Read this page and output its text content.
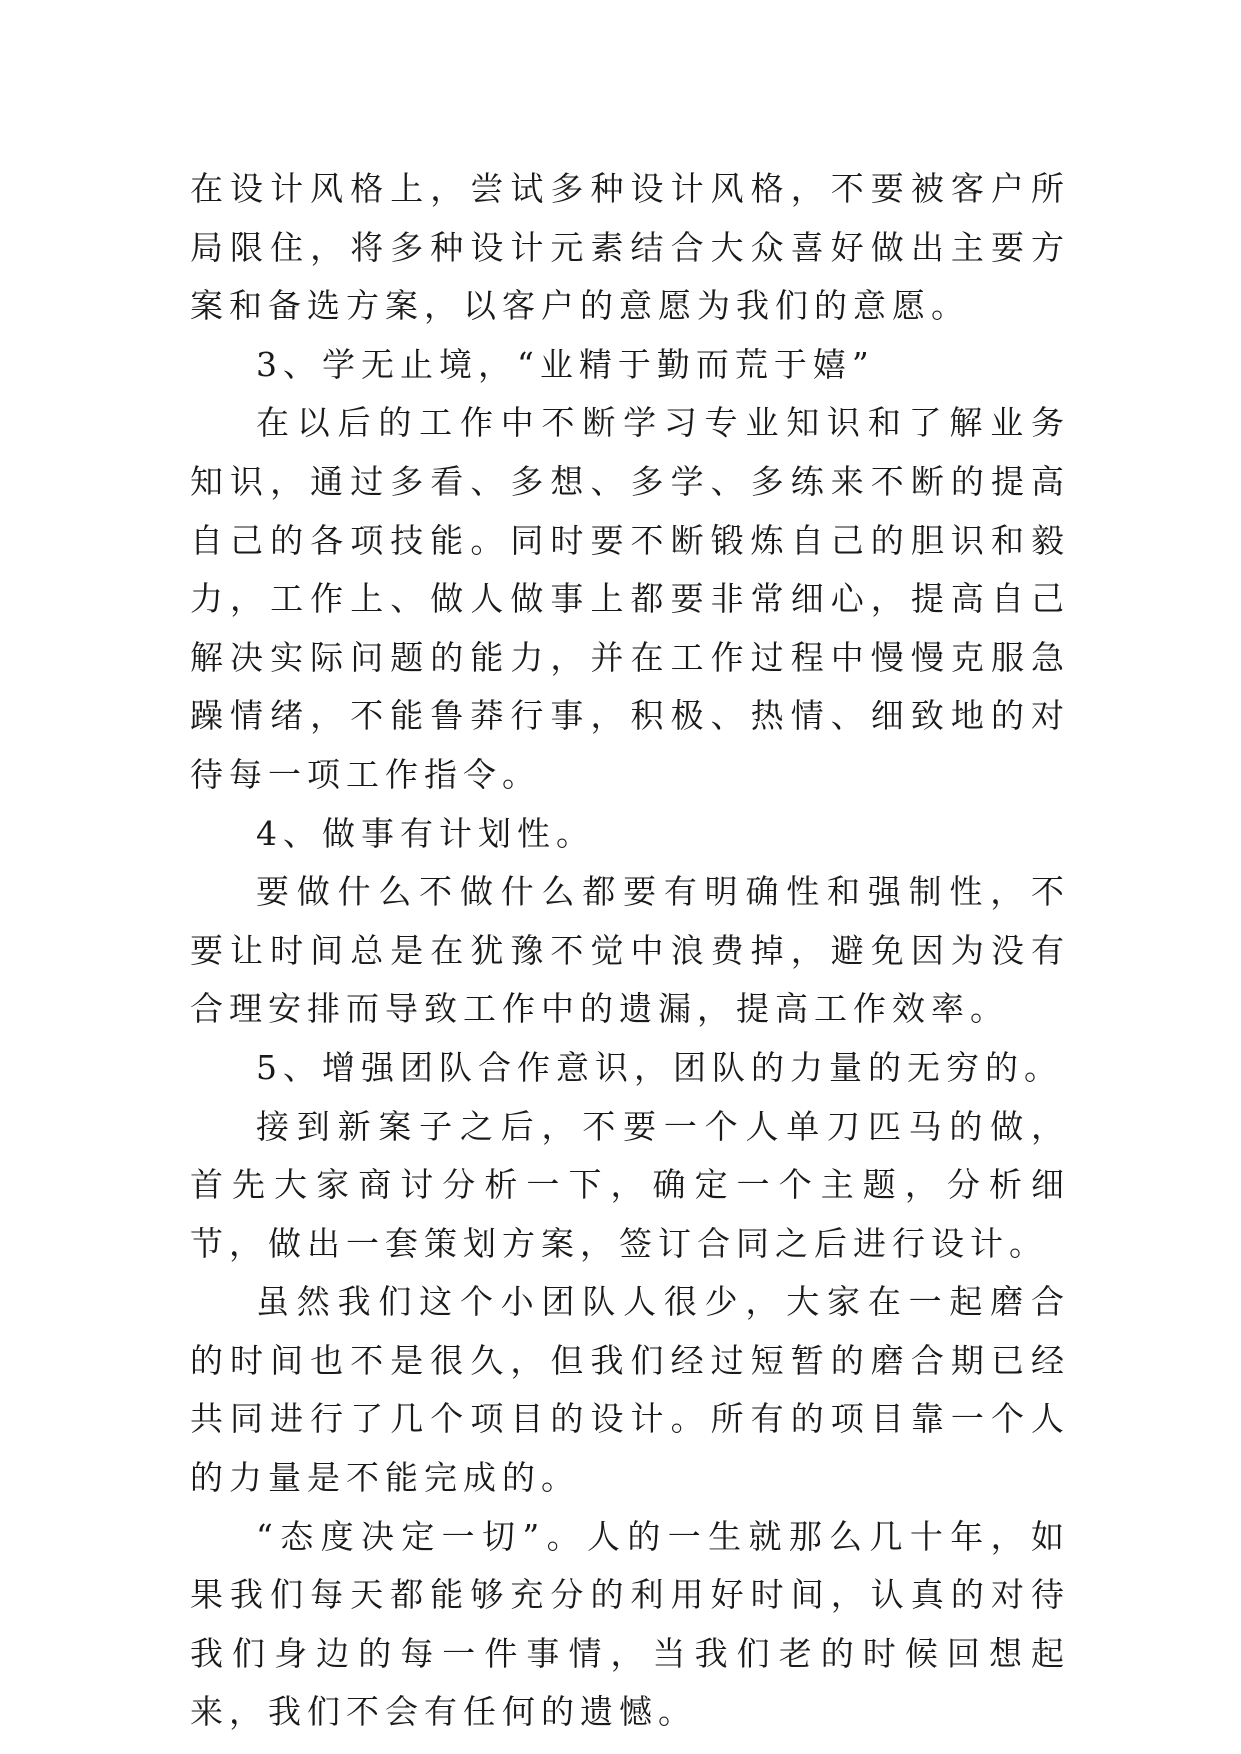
在设计风格上，尝试多种设计风格，不要被客户所局限住，将多种设计元素结合大众喜好做出主要方案和备选方案，以客户的意愿为我们的意愿。

3、学无止境，“业精于勤而荒于嬉”

在以后的工作中不断学习专业知识和了解业务知识，通过多看、多想、多学、多练来不断的提高自己的各项技能。同时要不断锻炼自己的胆识和毅力，工作上、做人做事上都要非常细心，提高自己解决实际问题的能力，并在工作过程中慢慢克服急躁情绪，不能鲁莽行事，积极、热情、细致地的对待每一项工作指令。

4、做事有计划性。

要做什么不做什么都要有明确性和强制性，不要让时间总是在犹豫不觉中浪费掉，避免因为没有合理安排而导致工作中的遗漏，提高工作效率。

5、增强团队合作意识，团队的力量的无穷的。

接到新案子之后，不要一个人单刀匹马的做，首先大家商讨分析一下，确定一个主题，分析细节，做出一套策划方案，签订合同之后进行设计。

虽然我们这个小团队人很少，大家在一起磨合的时间也不是很久，但我们经过短暂的磨合期已经共同进行了几个项目的设计。所有的项目靠一个人的力量是不能完成的。

“态度决定一切”。人的一生就那么几十年，如果我们每天都能够充分的利用好时间，认真的对待我们身边的每一件事情，当我们老的时候回想起来，我们不会有任何的遗憾。
